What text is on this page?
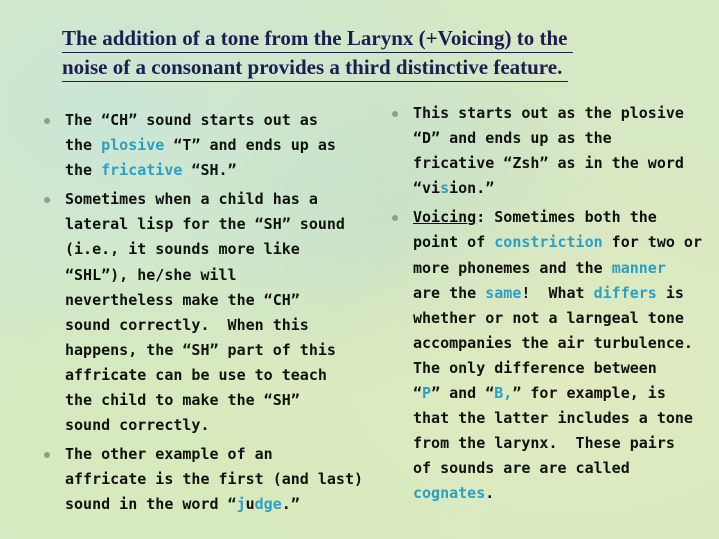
The addition of a tone from the Larynx (+Voicing) to the
noise of a consonant provides a third distinctive feature.
The “CH” sound starts out as
the plosive “T” and ends up as
the fricative “SH.”
Sometimes when a child has a
lateral lisp for the “SH” sound
(i.e., it sounds more like
“SHL”), he/she will
nevertheless make the “CH”
sound correctly.  When this
happens, the “SH” part of this
affricate can be use to teach
the child to make the “SH”
sound correctly.
The other example of an
affricate is the first (and last)
sound in the word “judge.”
This starts out as the plosive
“D” and ends up as the
fricative “Zsh” as in the word
“vision.”
Voicing: Sometimes both the
point of constriction for two or
more phonemes and the manner
are the same!  What differs is
whether or not a larngeal tone
accompanies the air turbulence.
The only difference between
“P” and “B,” for example, is
that the latter includes a tone
from the larynx.  These pairs
of sounds are are called
cognates.
